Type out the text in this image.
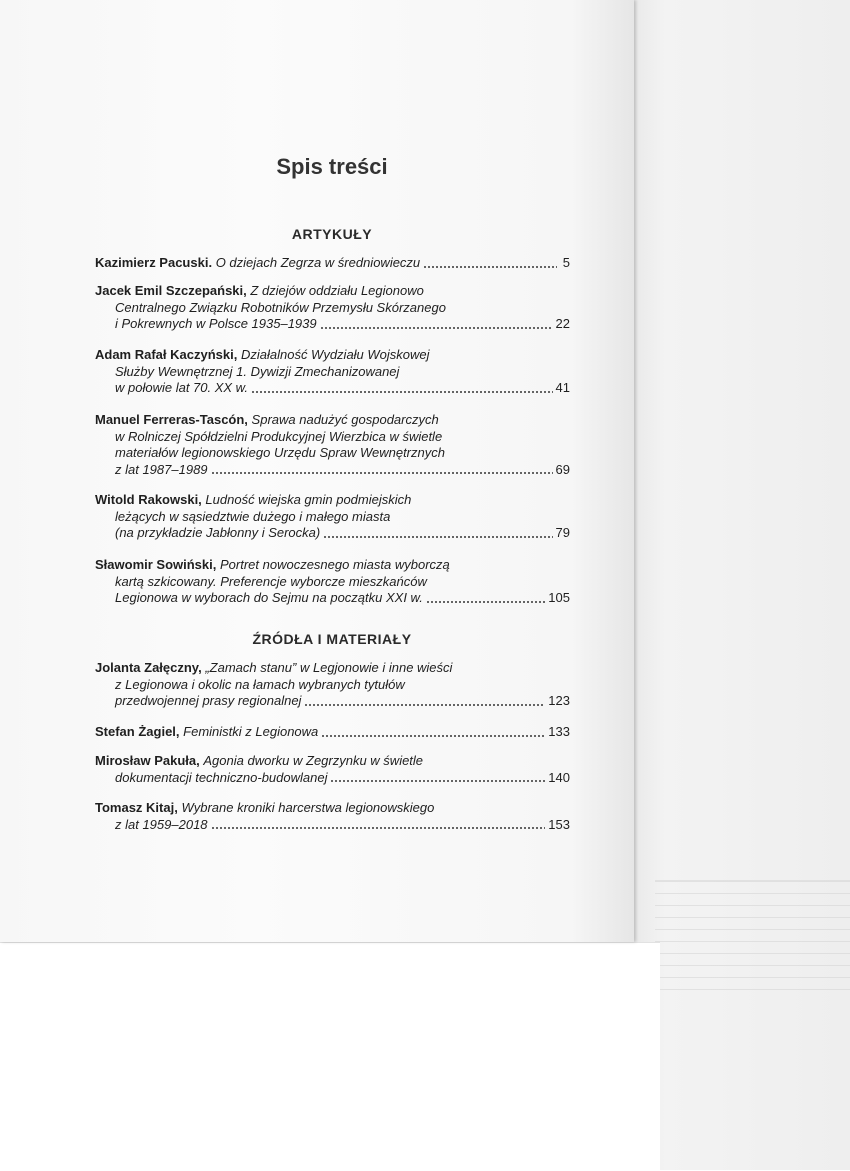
Spis treści
ARTYKUŁY
Kazimierz Pacuski.
O dziejach Zegrza w średniowieczu	5
Jacek Emil Szczepański,
Z dziejów oddziału Legionowo
Centralnego Związku Robotników Przemysłu Skórzanego
i Pokrewnych w Polsce 1935–1939	22
Adam Rafał Kaczyński,
Działalność Wydziału Wojskowej
Służby Wewnętrznej 1. Dywizji Zmechanizowanej
w połowie lat 70. XX w.	41
Manuel Ferreras-Tascón,
Sprawa nadużyć gospodarczych
w Rolniczej Spółdzielni Produkcyjnej Wierzbica w świetle
materiałów legionowskiego Urzędu Spraw Wewnętrznych
z lat 1987–1989	69
Witold Rakowski,
Ludność wiejska gmin podmiejskich
leżących w sąsiedztwie dużego i małego miasta
(na przykładzie Jabłonny i Serocka)	79
Sławomir Sowiński,
Portret nowoczesnego miasta wyborczą
kartą szkicowany. Preferencje wyborcze mieszkańców
Legionowa w wyborach do Sejmu na początku XXI w.	105
ŹRÓDŁA I MATERIAŁY
Jolanta Załęczny,
„Zamach stanu” w Legjonowie i inne wieści
z Legionowa i okolic na łamach wybranych tytułów
przedwojennej prasy regionalnej	123
Stefan Żagiel,
Feministki z Legionowa	133
Mirosław Pakuła,
Agonia dworku w Zegrzynku w świetle
dokumentacji techniczno-budowlanej	140
Tomasz Kitaj,
Wybrane kroniki harcerstwa legionowskiego
z lat 1959–2018	153
